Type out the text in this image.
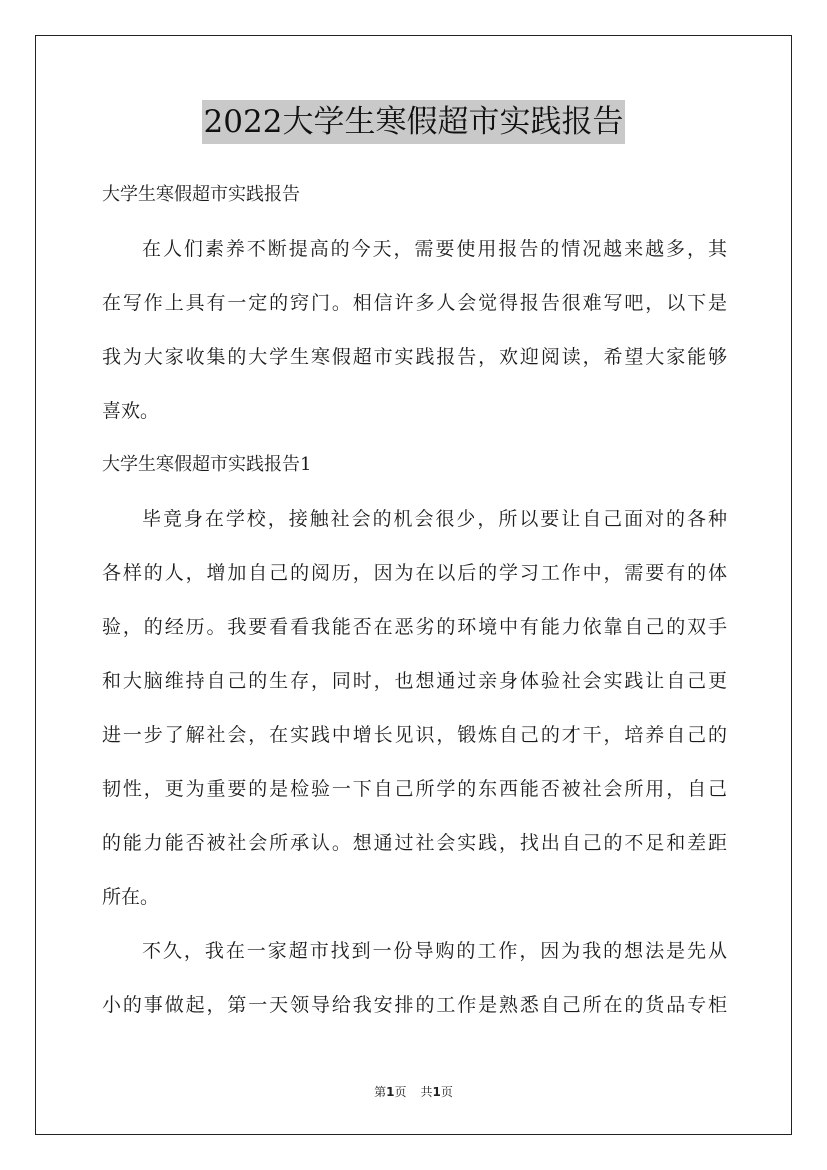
2022大学生寒假超市实践报告
大学生寒假超市实践报告
在人们素养不断提高的今天，需要使用报告的情况越来越多，其
在写作上具有一定的窍门。相信许多人会觉得报告很难写吧，以下是
我为大家收集的大学生寒假超市实践报告，欢迎阅读，希望大家能够
喜欢。
大学生寒假超市实践报告1
毕竟身在学校，接触社会的机会很少，所以要让自己面对的各种
各样的人，增加自己的阅历，因为在以后的学习工作中，需要有的体
验，的经历。我要看看我能否在恶劣的环境中有能力依靠自己的双手
和大脑维持自己的生存，同时，也想通过亲身体验社会实践让自己更
进一步了解社会，在实践中增长见识，锻炼自己的才干，培养自己的
韧性，更为重要的是检验一下自己所学的东西能否被社会所用，自己
的能力能否被社会所承认。想通过社会实践，找出自己的不足和差距
所在。
不久，我在一家超市找到一份导购的工作，因为我的想法是先从
小的事做起，第一天领导给我安排的工作是熟悉自己所在的货品专柜
第1页 共1页
